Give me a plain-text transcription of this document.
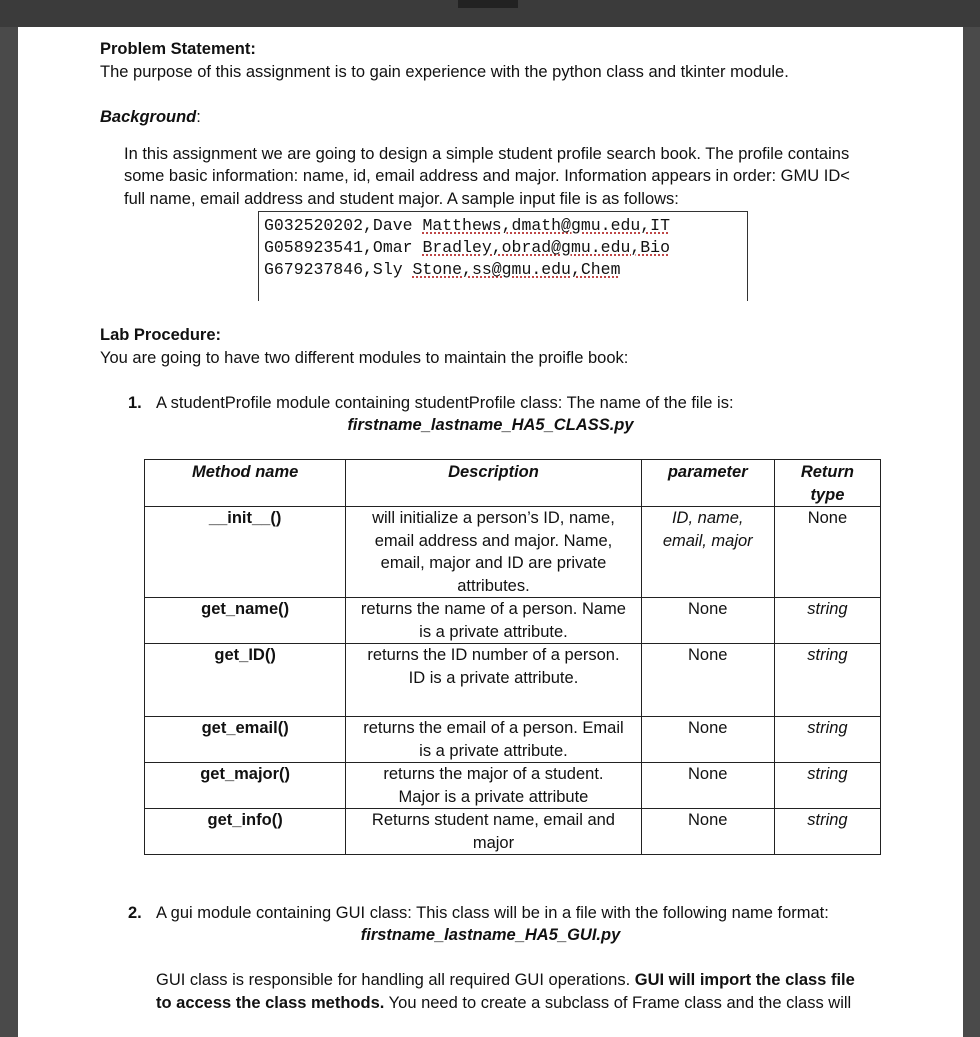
Problem Statement:
The purpose of this assignment is to gain experience with the python class and tkinter module.
Background:
In this assignment we are going to design a simple student profile search book. The profile contains
some basic information: name, id, email address and major. Information appears in order: GMU ID<
full name, email address and student major. A sample input file is as follows:
G032520202,Dave Matthews,dmath@gmu.edu,IT
G058923541,Omar Bradley,obrad@gmu.edu,Bio
G679237846,Sly Stone,ss@gmu.edu,Chem
Lab Procedure:
You are going to have two different modules to maintain the proifle book:
1. A studentProfile module containing studentProfile class: The name of the file is:
firstname_lastname_HA5_CLASS.py
Method name	Description	parameter	Return
type
__init__()	will initialize a person’s ID, name,
email address and major. Name,
email, major and ID are private
attributes.	ID, name,
email, major	None
get_name()	returns the name of a person. Name
is a private attribute.	None	string
get_ID()	returns the ID number of a person.
ID is a private attribute.	None	string
get_email()	returns the email of a person. Email
is a private attribute.	None	string
get_major()	returns the major of a student.
Major is a private attribute	None	string
get_info()	Returns student name, email and
major	None	string
2. A gui module containing GUI class: This class will be in a file with the following name format:
firstname_lastname_HA5_GUI.py
GUI class is responsible for handling all required GUI operations. GUI will import the class file
to access the class methods. You need to create a subclass of Frame class and the class will
